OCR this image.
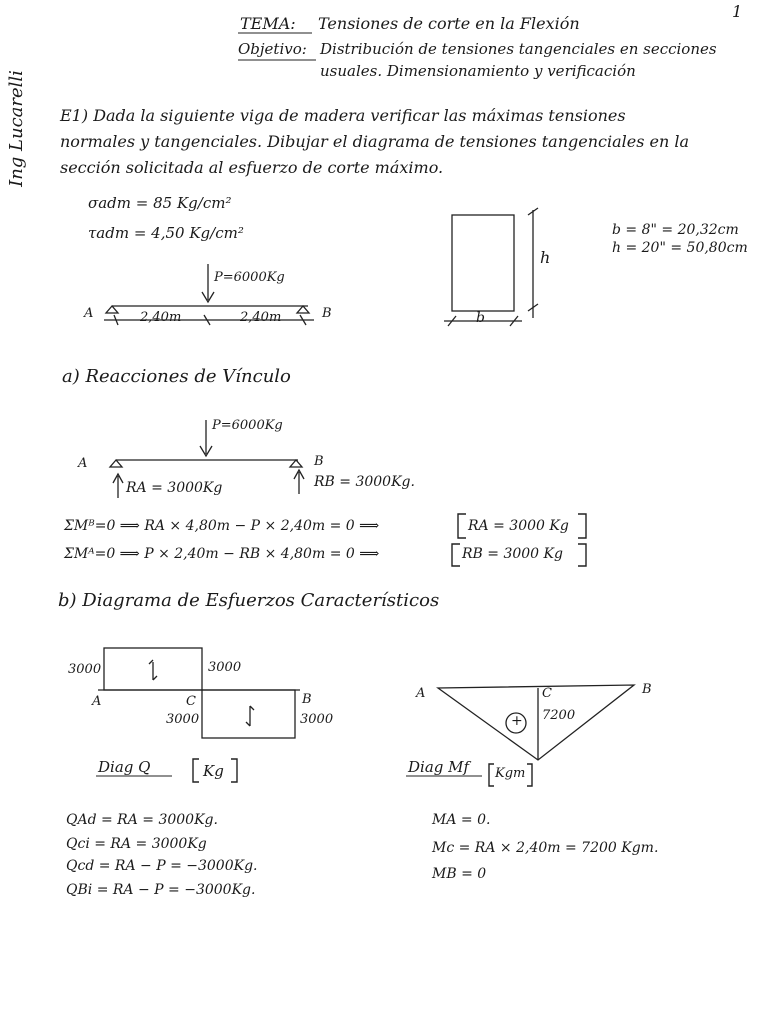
1
Ing Lucarelli
TEMA: Tensiones de corte en la Flexión
Objetivo: Distribución de tensiones tangenciales en secciones
usuales. Dimensionamiento y verificación
E1) Dada la siguiente viga de madera verificar las máximas tensiones
normales y tangenciales. Dibujar el diagrama de tensiones tangenciales en la
sección solicitada al esfuerzo de corte máximo.
σadm = 85 Kg/cm²
τadm = 4,50 Kg/cm²
P=6000Kg
A	B
2,40m	2,40m
h
b
b = 8" = 20,32cm
h = 20" = 50,80cm
a) Reacciones de Vínculo
P=6000Kg
A	B
RA = 3000Kg	RB = 3000Kg.
ΣMᴮ=0 ⟹ RA × 4,80m − P × 2,40m = 0 ⟹	RA = 3000 Kg
ΣMᴬ=0 ⟹ P × 2,40m − RB × 4,80m = 0 ⟹	RB = 3000 Kg
b) Diagrama de Esfuerzos Característicos
3000	3000
3000	3000
A	C	B	A	C	B
7200
+
Diag Q	Kg	Diag Mf Kgm
QAd = RA = 3000Kg.
Qci = RA = 3000Kg
Qcd = RA − P = −3000Kg.
QBi = RA − P = −3000Kg.
MA = 0.
Mc = RA × 2,40m = 7200 Kgm.
MB = 0
